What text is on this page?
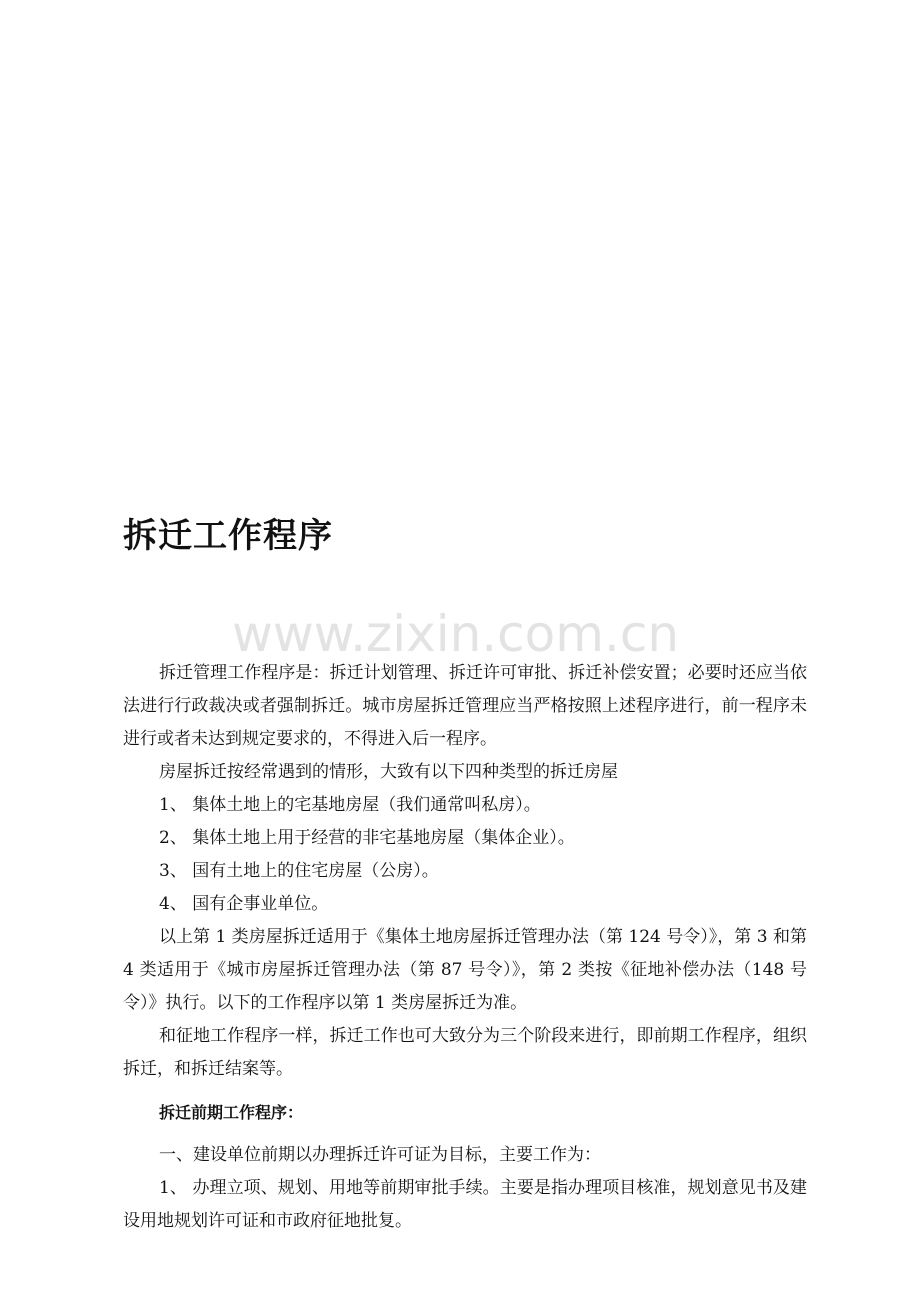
拆迁工作程序
www.zixin.com.cn

拆迁管理工作程序是：拆迁计划管理、拆迁许可审批、拆迁补偿安置；必要时还应当依法进行行政裁决或者强制拆迁。城市房屋拆迁管理应当严格按照上述程序进行，前一程序未进行或者未达到规定要求的，不得进入后一程序。

房屋拆迁按经常遇到的情形，大致有以下四种类型的拆迁房屋

1、 集体土地上的宅基地房屋（我们通常叫私房）。

2、 集体土地上用于经营的非宅基地房屋（集体企业）。

3、 国有土地上的住宅房屋（公房）。

4、 国有企事业单位。

以上第 1 类房屋拆迁适用于《集体土地房屋拆迁管理办法（第 124 号令）》，第 3 和第 4 类适用于《城市房屋拆迁管理办法（第 87 号令）》，第 2 类按《征地补偿办法（148 号令）》执行。以下的工作程序以第 1 类房屋拆迁为准。

和征地工作程序一样，拆迁工作也可大致分为三个阶段来进行，即前期工作程序，组织拆迁，和拆迁结案等。

拆迁前期工作程序：

一、建设单位前期以办理拆迁许可证为目标，主要工作为：

1、 办理立项、规划、用地等前期审批手续。主要是指办理项目核准，规划意见书及建设用地规划许可证和市政府征地批复。
